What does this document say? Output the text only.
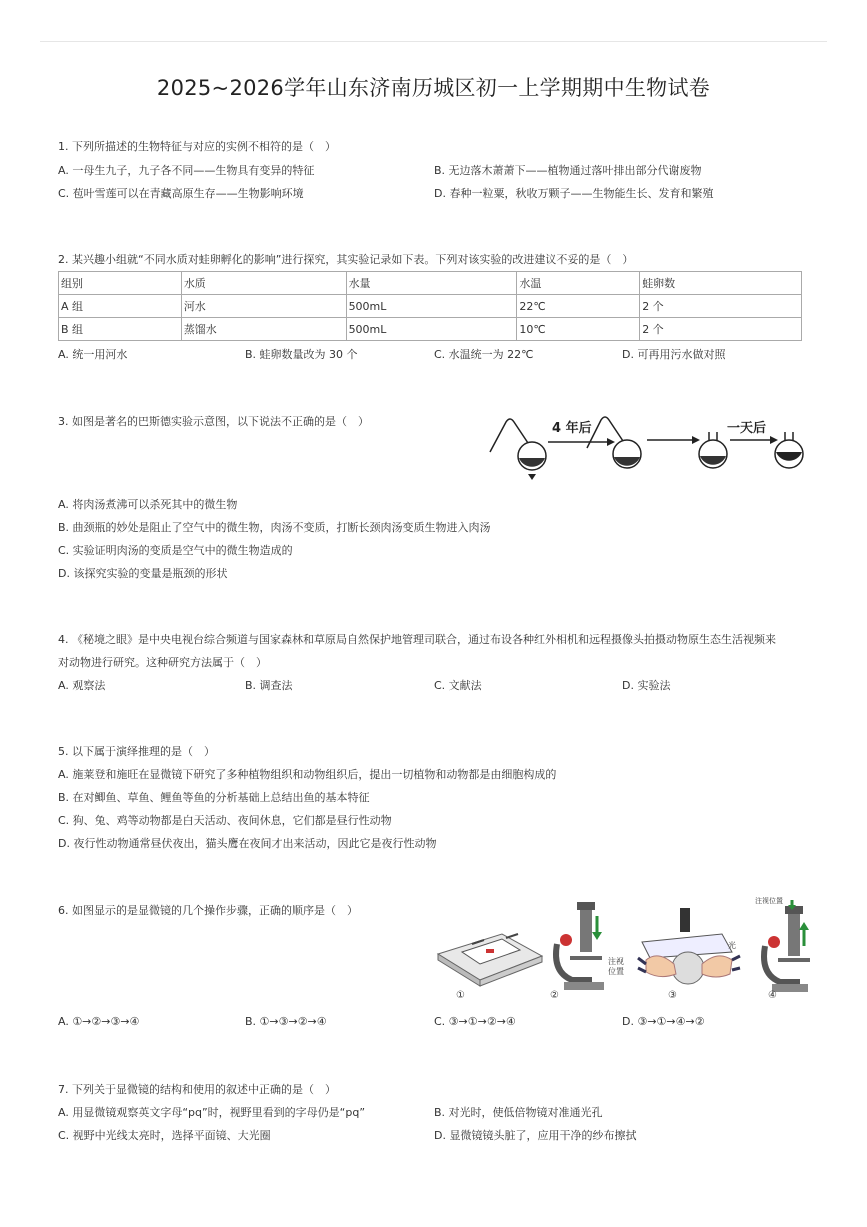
2025~2026学年山东济南历城区初一上学期期中生物试卷
1. 下列所描述的生物特征与对应的实例不相符的是（　）
A. 一母生九子，九子各不同——生物具有变异的特征	B. 无边落木萧萧下——植物通过落叶排出部分代谢废物
C. 苞叶雪莲可以在青藏高原生存——生物影响环境	D. 春种一粒粟，秋收万颗子——生物能生长、发育和繁殖
2. 某兴趣小组就“不同水质对蛙卵孵化的影响”进行探究，其实验记录如下表。下列对该实验的改进建议不妥的是（　）
组别	水质	水量	水温	蛙卵数
A 组	河水	500mL	22℃	2 个
B 组	蒸馏水	500mL	10℃	2 个
A. 统一用河水	B. 蛙卵数量改为 30 个	C. 水温统一为 22℃	D. 可再用污水做对照
3. 如图是著名的巴斯德实验示意图，以下说法不正确的是（　）	4 年后	一天后
A. 将肉汤煮沸可以杀死其中的微生物
B. 曲颈瓶的妙处是阻止了空气中的微生物，肉汤不变质，打断长颈肉汤变质生物进入肉汤
C. 实验证明肉汤的变质是空气中的微生物造成的
D. 该探究实验的变量是瓶颈的形状
4. 《秘境之眼》是中央电视台综合频道与国家森林和草原局自然保护地管理司联合，通过布设各种红外相机和远程摄像头拍摄动物原生态生活视频来
对动物进行研究。这种研究方法属于（　）
A. 观察法	B. 调查法	C. 文献法	D. 实验法
5. 以下属于演绎推理的是（　）
A. 施莱登和施旺在显微镜下研究了多种植物组织和动物组织后，提出一切植物和动物都是由细胞构成的
B. 在对鲫鱼、草鱼、鲤鱼等鱼的分析基础上总结出鱼的基本特征
C. 狗、兔、鸡等动物都是白天活动、夜间休息，它们都是昼行性动物
D. 夜行性动物通常昼伏夜出，猫头鹰在夜间才出来活动，因此它是夜行性动物
6. 如图显示的是显微镜的几个操作步骤，正确的顺序是（　）
①
注视
位置
②
光
③
注视位置
④
A. ①→②→③→④	B. ①→③→②→④	C. ③→①→②→④	D. ③→①→④→②
7. 下列关于显微镜的结构和使用的叙述中正确的是（　）
A. 用显微镜观察英文字母“pq”时，视野里看到的字母仍是“pq”	B. 对光时，使低倍物镜对准通光孔
C. 视野中光线太亮时，选择平面镜、大光圈	D. 显微镜镜头脏了，应用干净的纱布擦拭
